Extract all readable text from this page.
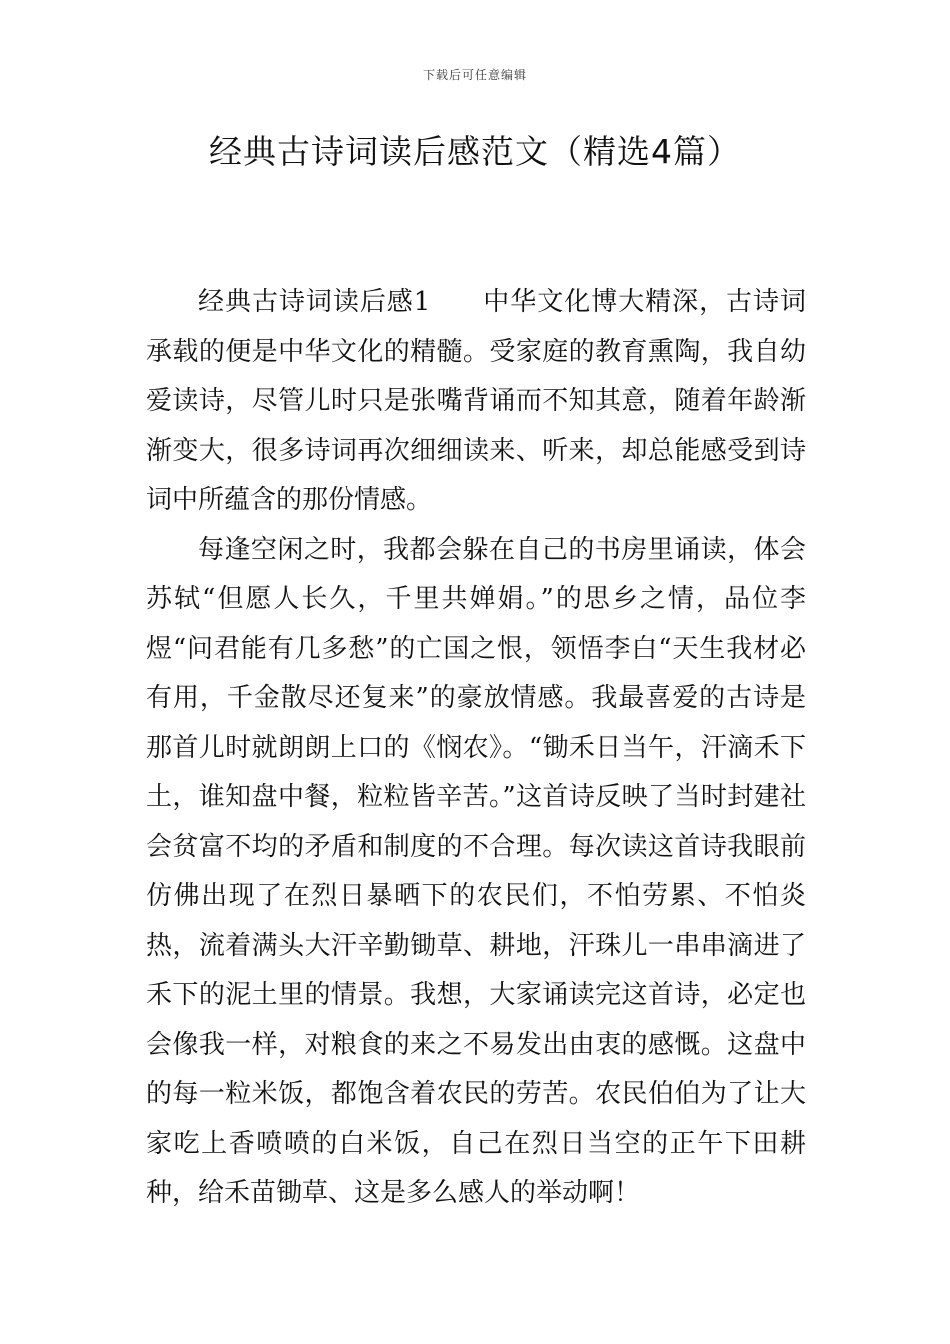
下载后可任意编辑
经典古诗词读后感范文（精选4篇）

经典古诗词读后感1 中华文化博大精深，古诗词承载的便是中华文化的精髓。受家庭的教育熏陶，我自幼爱读诗，尽管儿时只是张嘴背诵而不知其意，随着年龄渐渐变大，很多诗词再次细细读来、听来，却总能感受到诗词中所蕴含的那份情感。

每逢空闲之时，我都会躲在自己的书房里诵读，体会苏轼“但愿人长久，千里共婵娟。”的思乡之情，品位李煜“问君能有几多愁”的亡国之恨，领悟李白“天生我材必有用，千金散尽还复来”的豪放情感。我最喜爱的古诗是那首儿时就朗朗上口的《悯农》。“锄禾日当午，汗滴禾下土，谁知盘中餐，粒粒皆辛苦。”这首诗反映了当时封建社会贫富不均的矛盾和制度的不合理。每次读这首诗我眼前仿佛出现了在烈日暴晒下的农民们，不怕劳累、不怕炎热，流着满头大汗辛勤锄草、耕地，汗珠儿一串串滴进了禾下的泥土里的情景。我想，大家诵读完这首诗，必定也会像我一样，对粮食的来之不易发出由衷的感慨。这盘中的每一粒米饭，都饱含着农民的劳苦。农民伯伯为了让大家吃上香喷喷的白米饭，自己在烈日当空的正午下田耕种，给禾苗锄草、这是多么感人的举动啊！
